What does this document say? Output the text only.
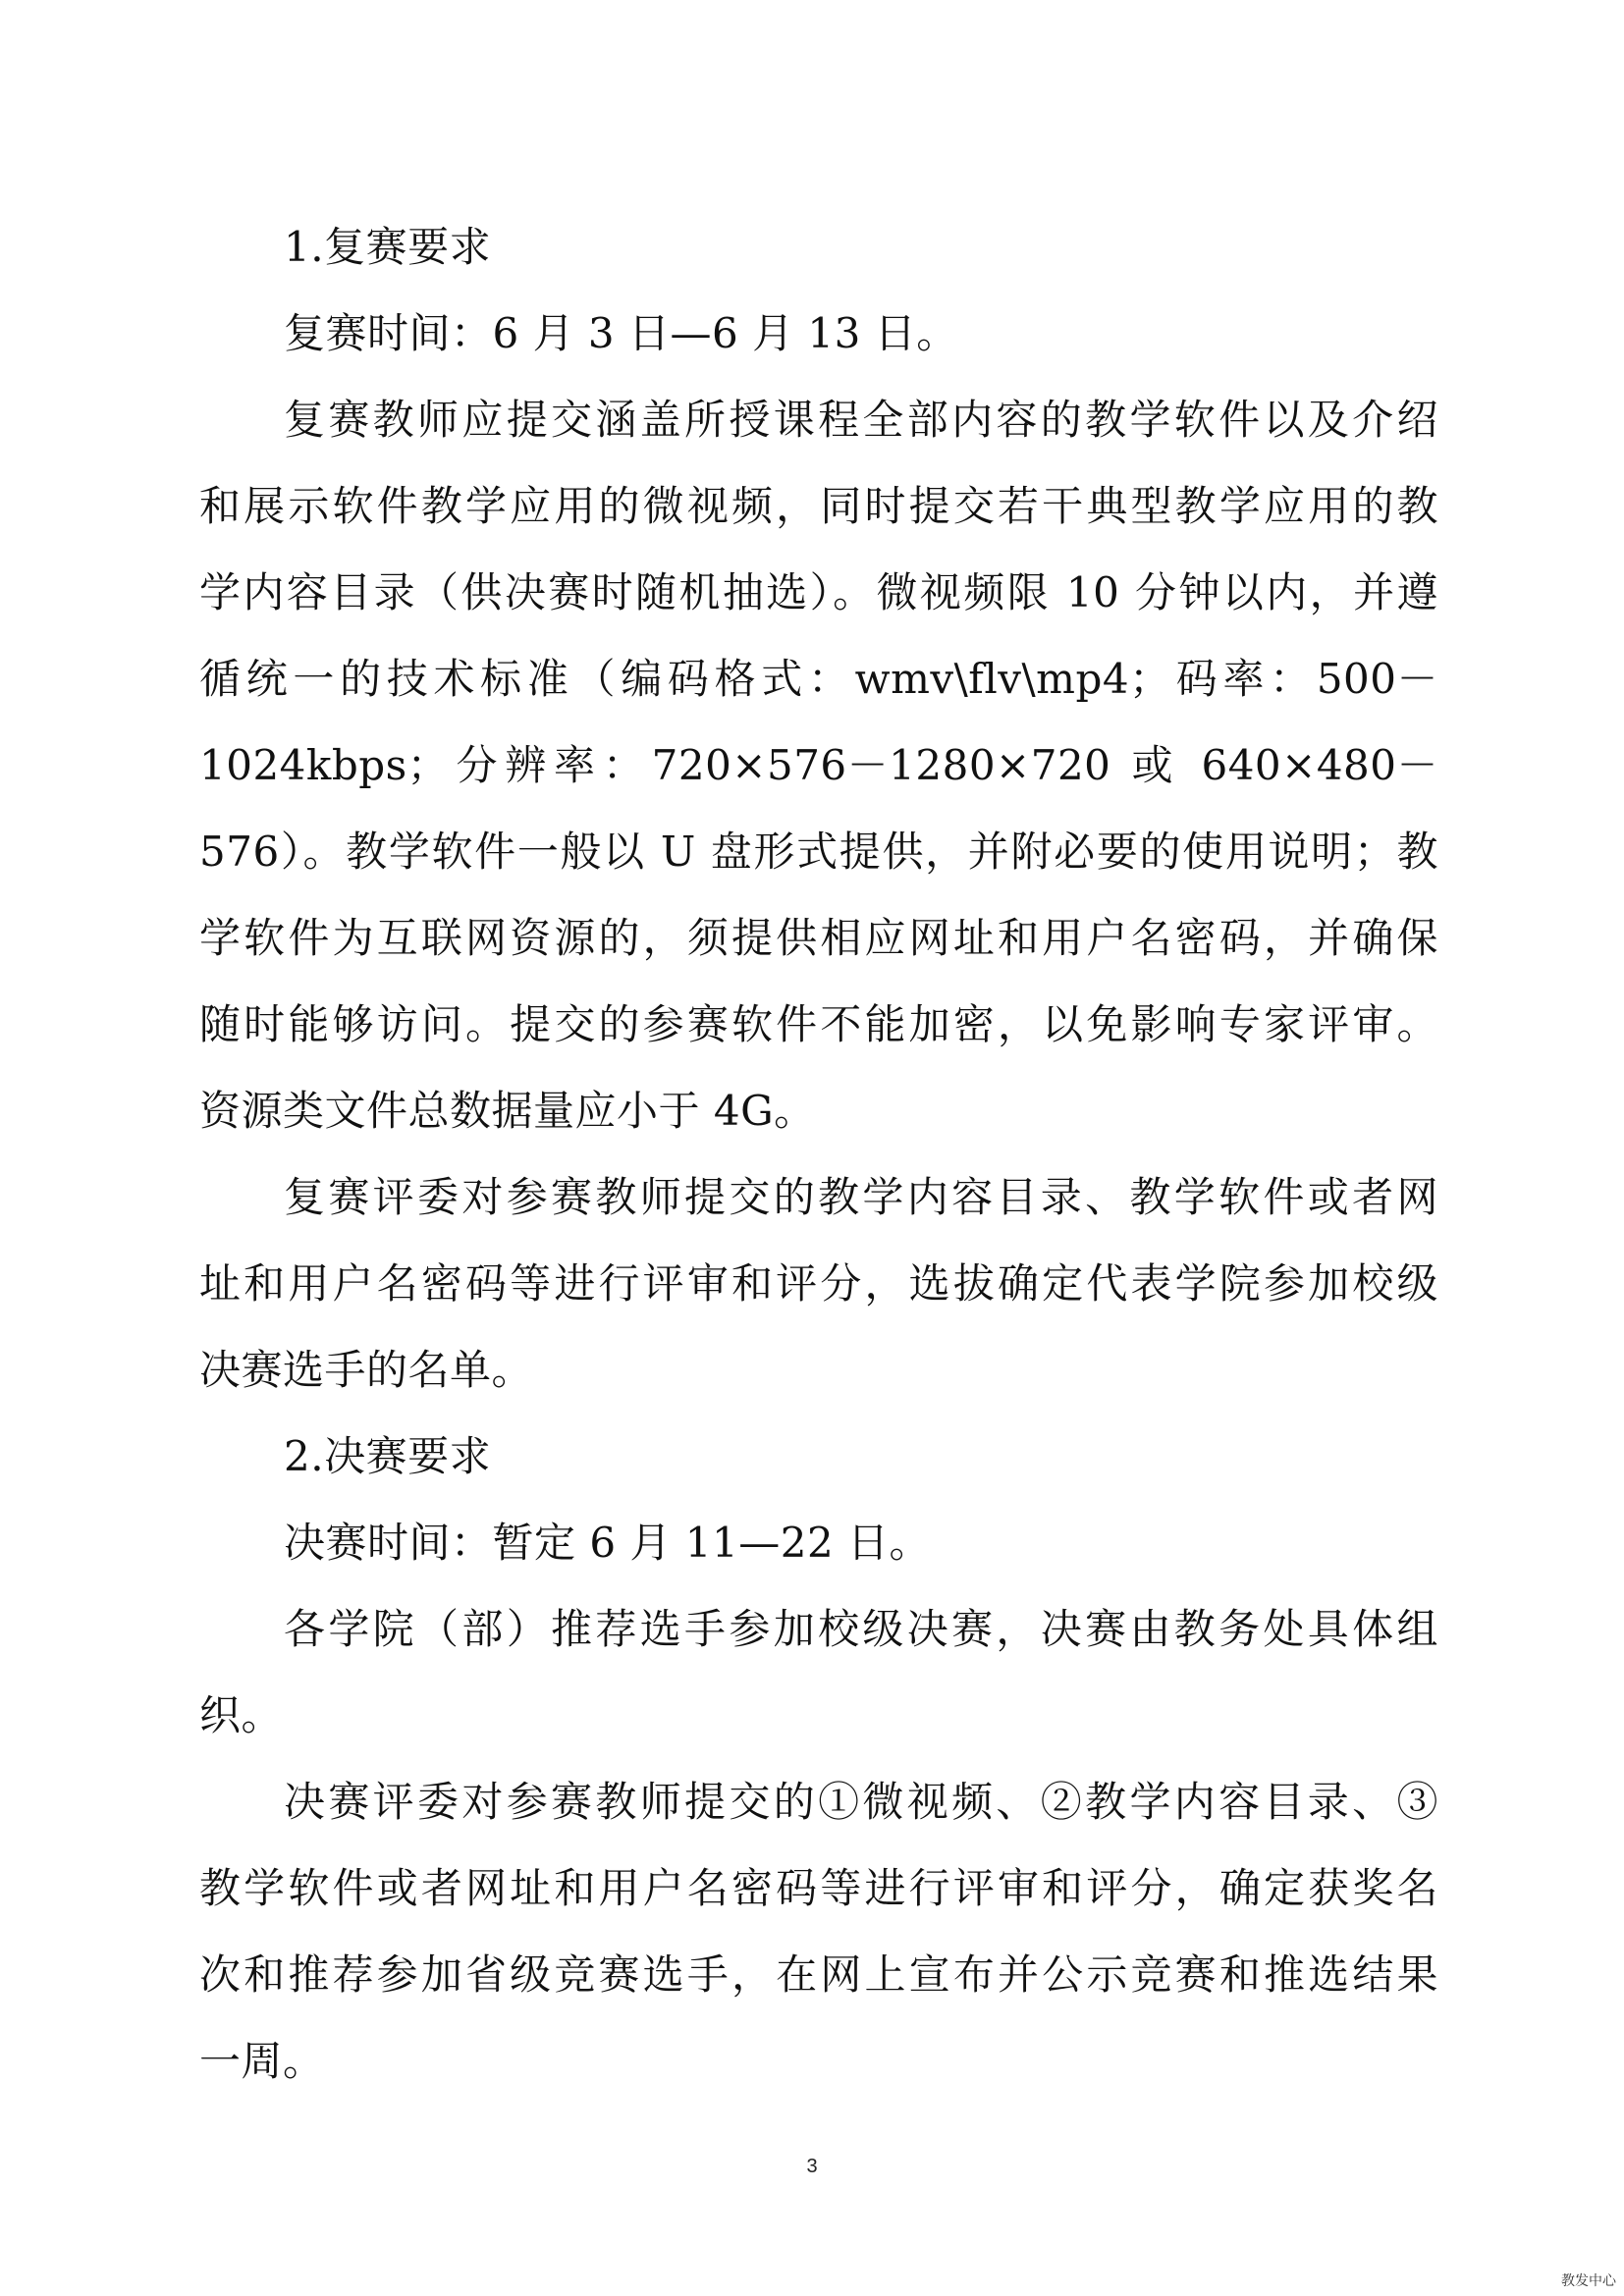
1.复赛要求
复赛时间：6 月 3 日—6 月 13 日。
复赛教师应提交涵盖所授课程全部内容的教学软件以及介绍
和展示软件教学应用的微视频，同时提交若干典型教学应用的教
学内容目录（供决赛时随机抽选）。微视频限 10 分钟以内，并遵
循统一的技术标准（编码格式：wmv\flv\mp4；码率：500－
1024kbps；分辨率：720×576－1280×720 或 640×480－
576）。教学软件一般以 U 盘形式提供，并附必要的使用说明；教
学软件为互联网资源的，须提供相应网址和用户名密码，并确保
随时能够访问。提交的参赛软件不能加密，以免影响专家评审。
资源类文件总数据量应小于 4G。
复赛评委对参赛教师提交的教学内容目录、教学软件或者网
址和用户名密码等进行评审和评分，选拔确定代表学院参加校级
决赛选手的名单。
2.决赛要求
决赛时间：暂定 6 月 11—22 日。
各学院（部）推荐选手参加校级决赛，决赛由教务处具体组
织。
决赛评委对参赛教师提交的①微视频、②教学内容目录、③
教学软件或者网址和用户名密码等进行评审和评分，确定获奖名
次和推荐参加省级竞赛选手，在网上宣布并公示竞赛和推选结果
一周。
3
教发中心
